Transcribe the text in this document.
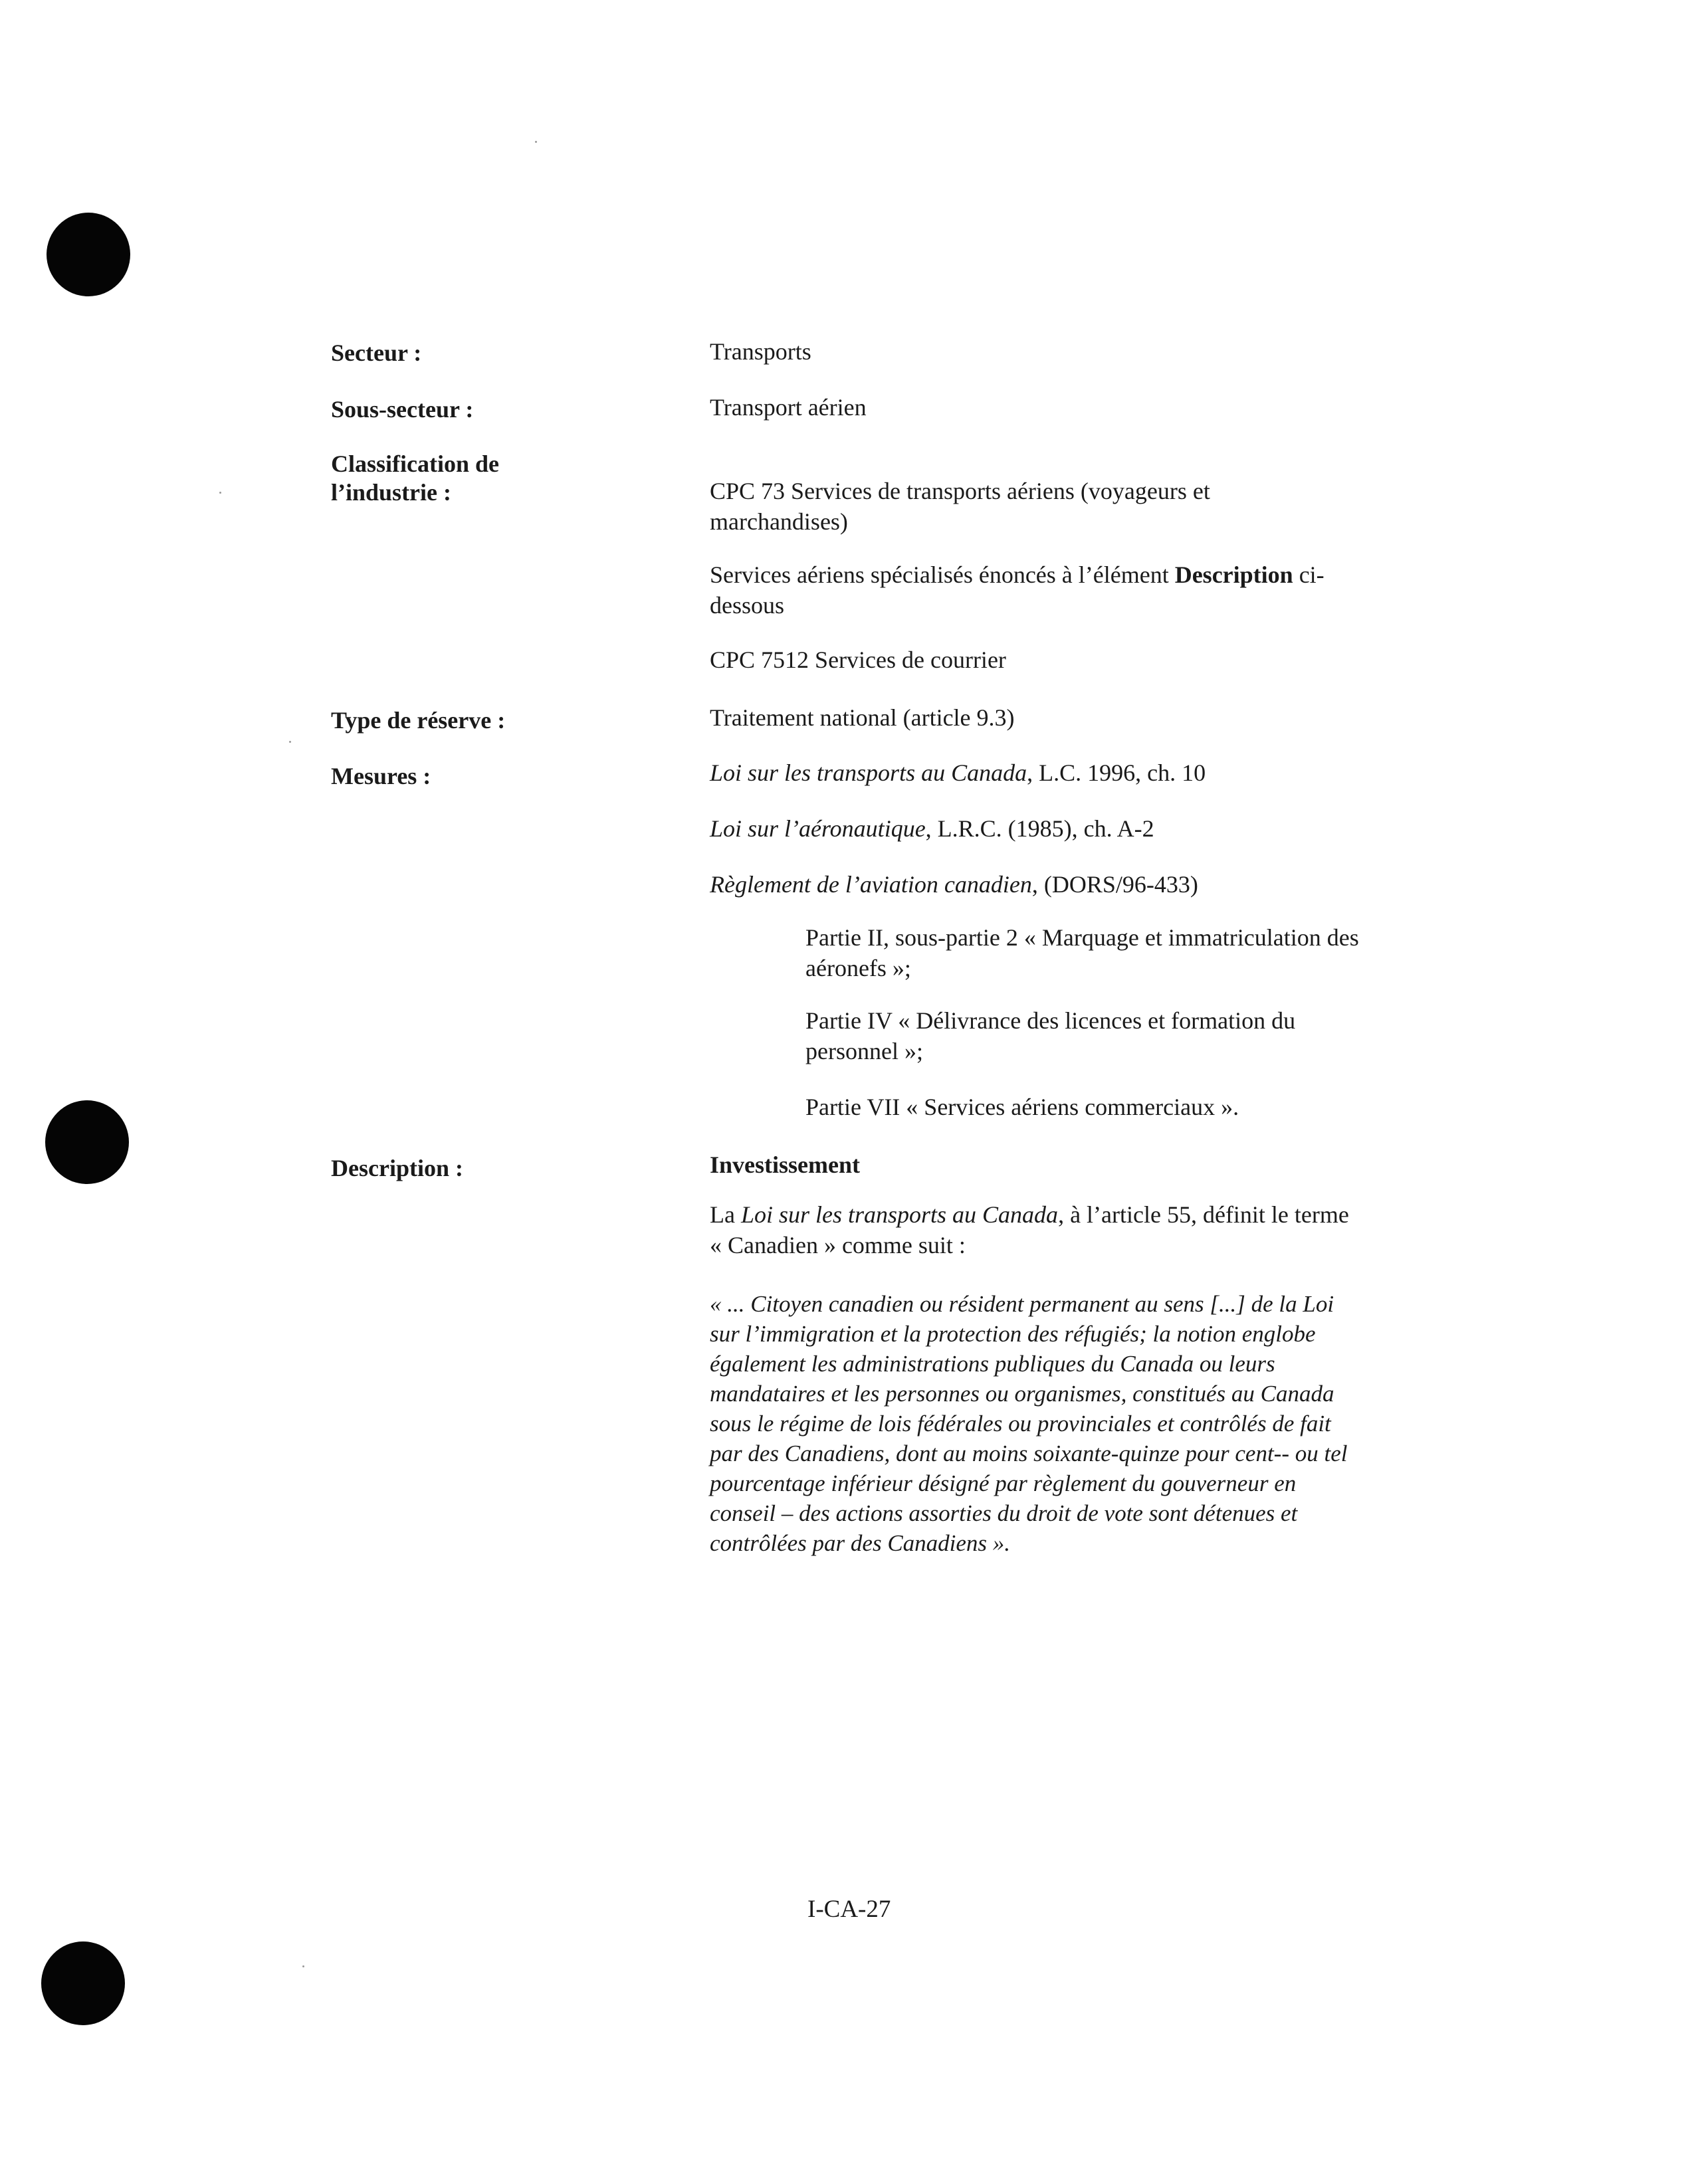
Secteur :
Sous-secteur :
Classification de
l’industrie :
Type de réserve :
Mesures :
Description :
Transports
Transport aérien
CPC 73 Services de transports aériens (voyageurs et marchandises)
Services aériens spécialisés énoncés à l’élément Description ci-dessous
CPC 7512 Services de courrier
Traitement national (article 9.3)
Loi sur les transports au Canada, L.C. 1996, ch. 10
Loi sur l’aéronautique, L.R.C. (1985), ch. A-2
Règlement de l’aviation canadien, (DORS/96-433)
Partie II, sous-partie 2 « Marquage et immatriculation des aéronefs »;
Partie IV « Délivrance des licences et formation du personnel »;
Partie VII « Services aériens commerciaux ».
Investissement
La Loi sur les transports au Canada, à l’article 55, définit le terme « Canadien » comme suit :
« ... Citoyen canadien ou résident permanent au sens [...] de la Loi sur l’immigration et la protection des réfugiés; la notion englobe également les administrations publiques du Canada ou leurs mandataires et les personnes ou organismes, constitués au Canada sous le régime de lois fédérales ou provinciales et contrôlés de fait par des Canadiens, dont au moins soixante-quinze pour cent-- ou tel pourcentage inférieur désigné par règlement du gouverneur en conseil – des actions assorties du droit de vote sont détenues et contrôlées par des Canadiens ».
I-CA-27
